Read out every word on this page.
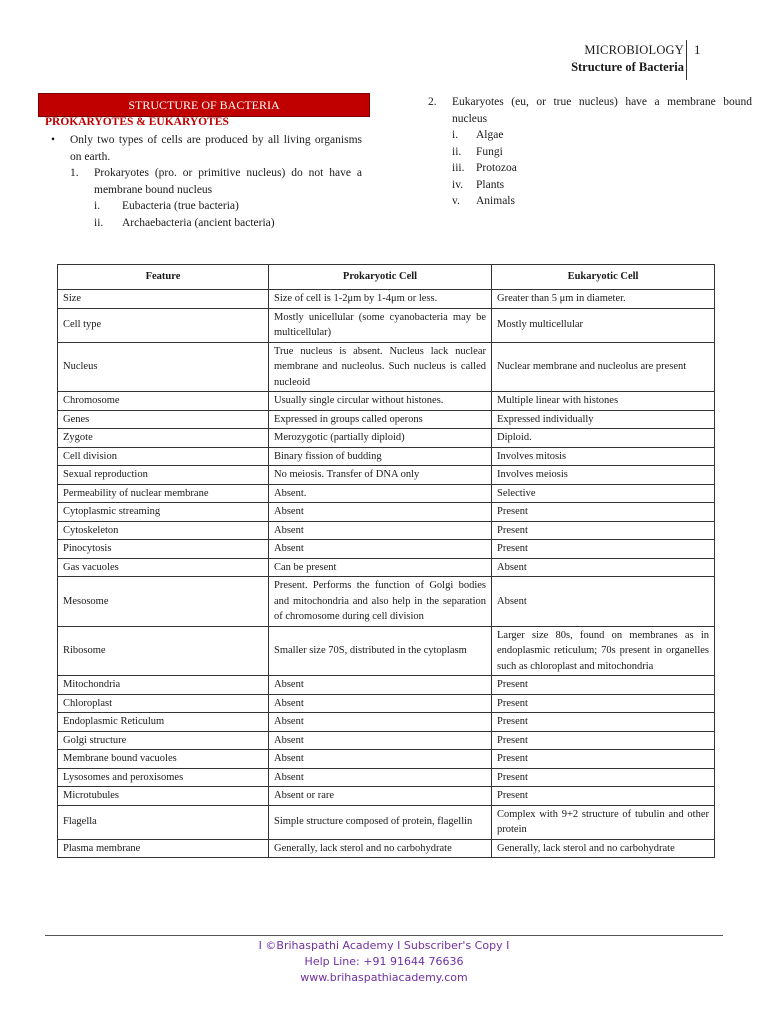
MICROBIOLOGY
Structure of Bacteria
1
STRUCTURE OF BACTERIA
PROKARYOTES & EUKARYOTES
•	Only two types of cells are produced by all living organisms on earth.
1.	Prokaryotes (pro. or primitive nucleus) do not have a membrane bound nucleus
i.	Eubacteria (true bacteria)
ii.	Archaebacteria (ancient bacteria)
2.	Eukaryotes (eu, or true nucleus) have a membrane bound nucleus
i.	Algae
ii.	Fungi
iii.	Protozoa
iv.	Plants
v.	Animals
Feature	Prokaryotic Cell	Eukaryotic Cell
Size	Size of cell is 1-2μm by 1-4μm or less.	Greater than 5 μm in diameter.
Cell type	Mostly unicellular (some cyanobacteria may be multicellular)	Mostly multicellular
Nucleus	True nucleus is absent. Nucleus lack nuclear membrane and nucleolus. Such nucleus is called nucleoid	Nuclear membrane and nucleolus are present
Chromosome	Usually single circular without histones.	Multiple linear with histones
Genes	Expressed in groups called operons	Expressed individually
Zygote	Merozygotic (partially diploid)	Diploid.
Cell division	Binary fission of budding	Involves mitosis
Sexual reproduction	No meiosis. Transfer of DNA only	Involves meiosis
Permeability of nuclear membrane	Absent.	Selective
Cytoplasmic streaming	Absent	Present
Cytoskeleton	Absent	Present
Pinocytosis	Absent	Present
Gas vacuoles	Can be present	Absent
Mesosome	Present. Performs the function of Golgi bodies and mitochondria and also help in the separation of chromosome during cell division	Absent
Ribosome	Smaller size 70S, distributed in the cytoplasm	Larger size 80s, found on membranes as in endoplasmic reticulum; 70s present in organelles such as chloroplast and mitochondria
Mitochondria	Absent	Present
Chloroplast	Absent	Present
Endoplasmic Reticulum	Absent	Present
Golgi structure	Absent	Present
Membrane bound vacuoles	Absent	Present
Lysosomes and peroxisomes	Absent	Present
Microtubules	Absent or rare	Present
Flagella	Simple structure composed of protein, flagellin	Complex with 9+2 structure of tubulin and other protein
Plasma membrane	Generally, lack sterol and no carbohydrate	Generally, lack sterol and no carbohydrate
I ©Brihaspathi Academy I Subscriber's Copy I
Help Line: +91 91644 76636
www.brihaspathiacademy.com
